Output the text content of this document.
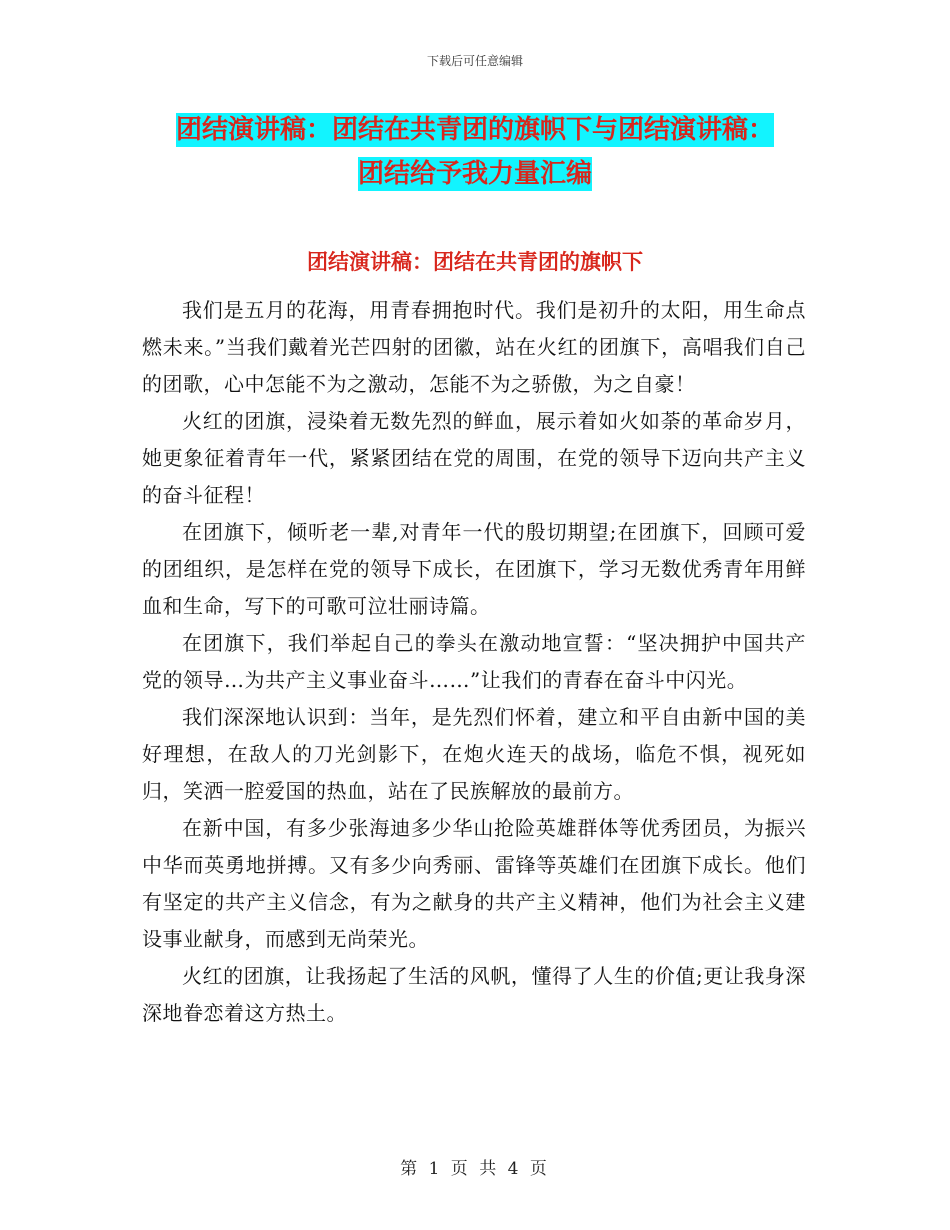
下载后可任意编辑
团结演讲稿：团结在共青团的旗帜下与团结演讲稿：
团结给予我力量汇编
团结演讲稿：团结在共青团的旗帜下

我们是五月的花海，用青春拥抱时代。我们是初升的太阳，用生命点燃未来。”当我们戴着光芒四射的团徽，站在火红的团旗下，高唱我们自己的团歌，心中怎能不为之激动，怎能不为之骄傲，为之自豪！

火红的团旗，浸染着无数先烈的鲜血，展示着如火如荼的革命岁月，她更象征着青年一代，紧紧团结在党的周围，在党的领导下迈向共产主义的奋斗征程！

在团旗下，倾听老一辈,对青年一代的殷切期望;在团旗下，回顾可爱的团组织，是怎样在党的领导下成长，在团旗下，学习无数优秀青年用鲜血和生命，写下的可歌可泣壮丽诗篇。

在团旗下，我们举起自己的拳头在激动地宣誓：“坚决拥护中国共产党的领导…为共产主义事业奋斗……”让我们的青春在奋斗中闪光。

我们深深地认识到：当年，是先烈们怀着，建立和平自由新中国的美好理想，在敌人的刀光剑影下，在炮火连天的战场，临危不惧，视死如归，笑洒一腔爱国的热血，站在了民族解放的最前方。

在新中国，有多少张海迪多少华山抢险英雄群体等优秀团员，为振兴中华而英勇地拼搏。又有多少向秀丽、雷锋等英雄们在团旗下成长。他们有坚定的共产主义信念，有为之献身的共产主义精神，他们为社会主义建设事业献身，而感到无尚荣光。

火红的团旗，让我扬起了生活的风帆，懂得了人生的价值;更让我身深深地眷恋着这方热土。

第 1 页 共 4 页
